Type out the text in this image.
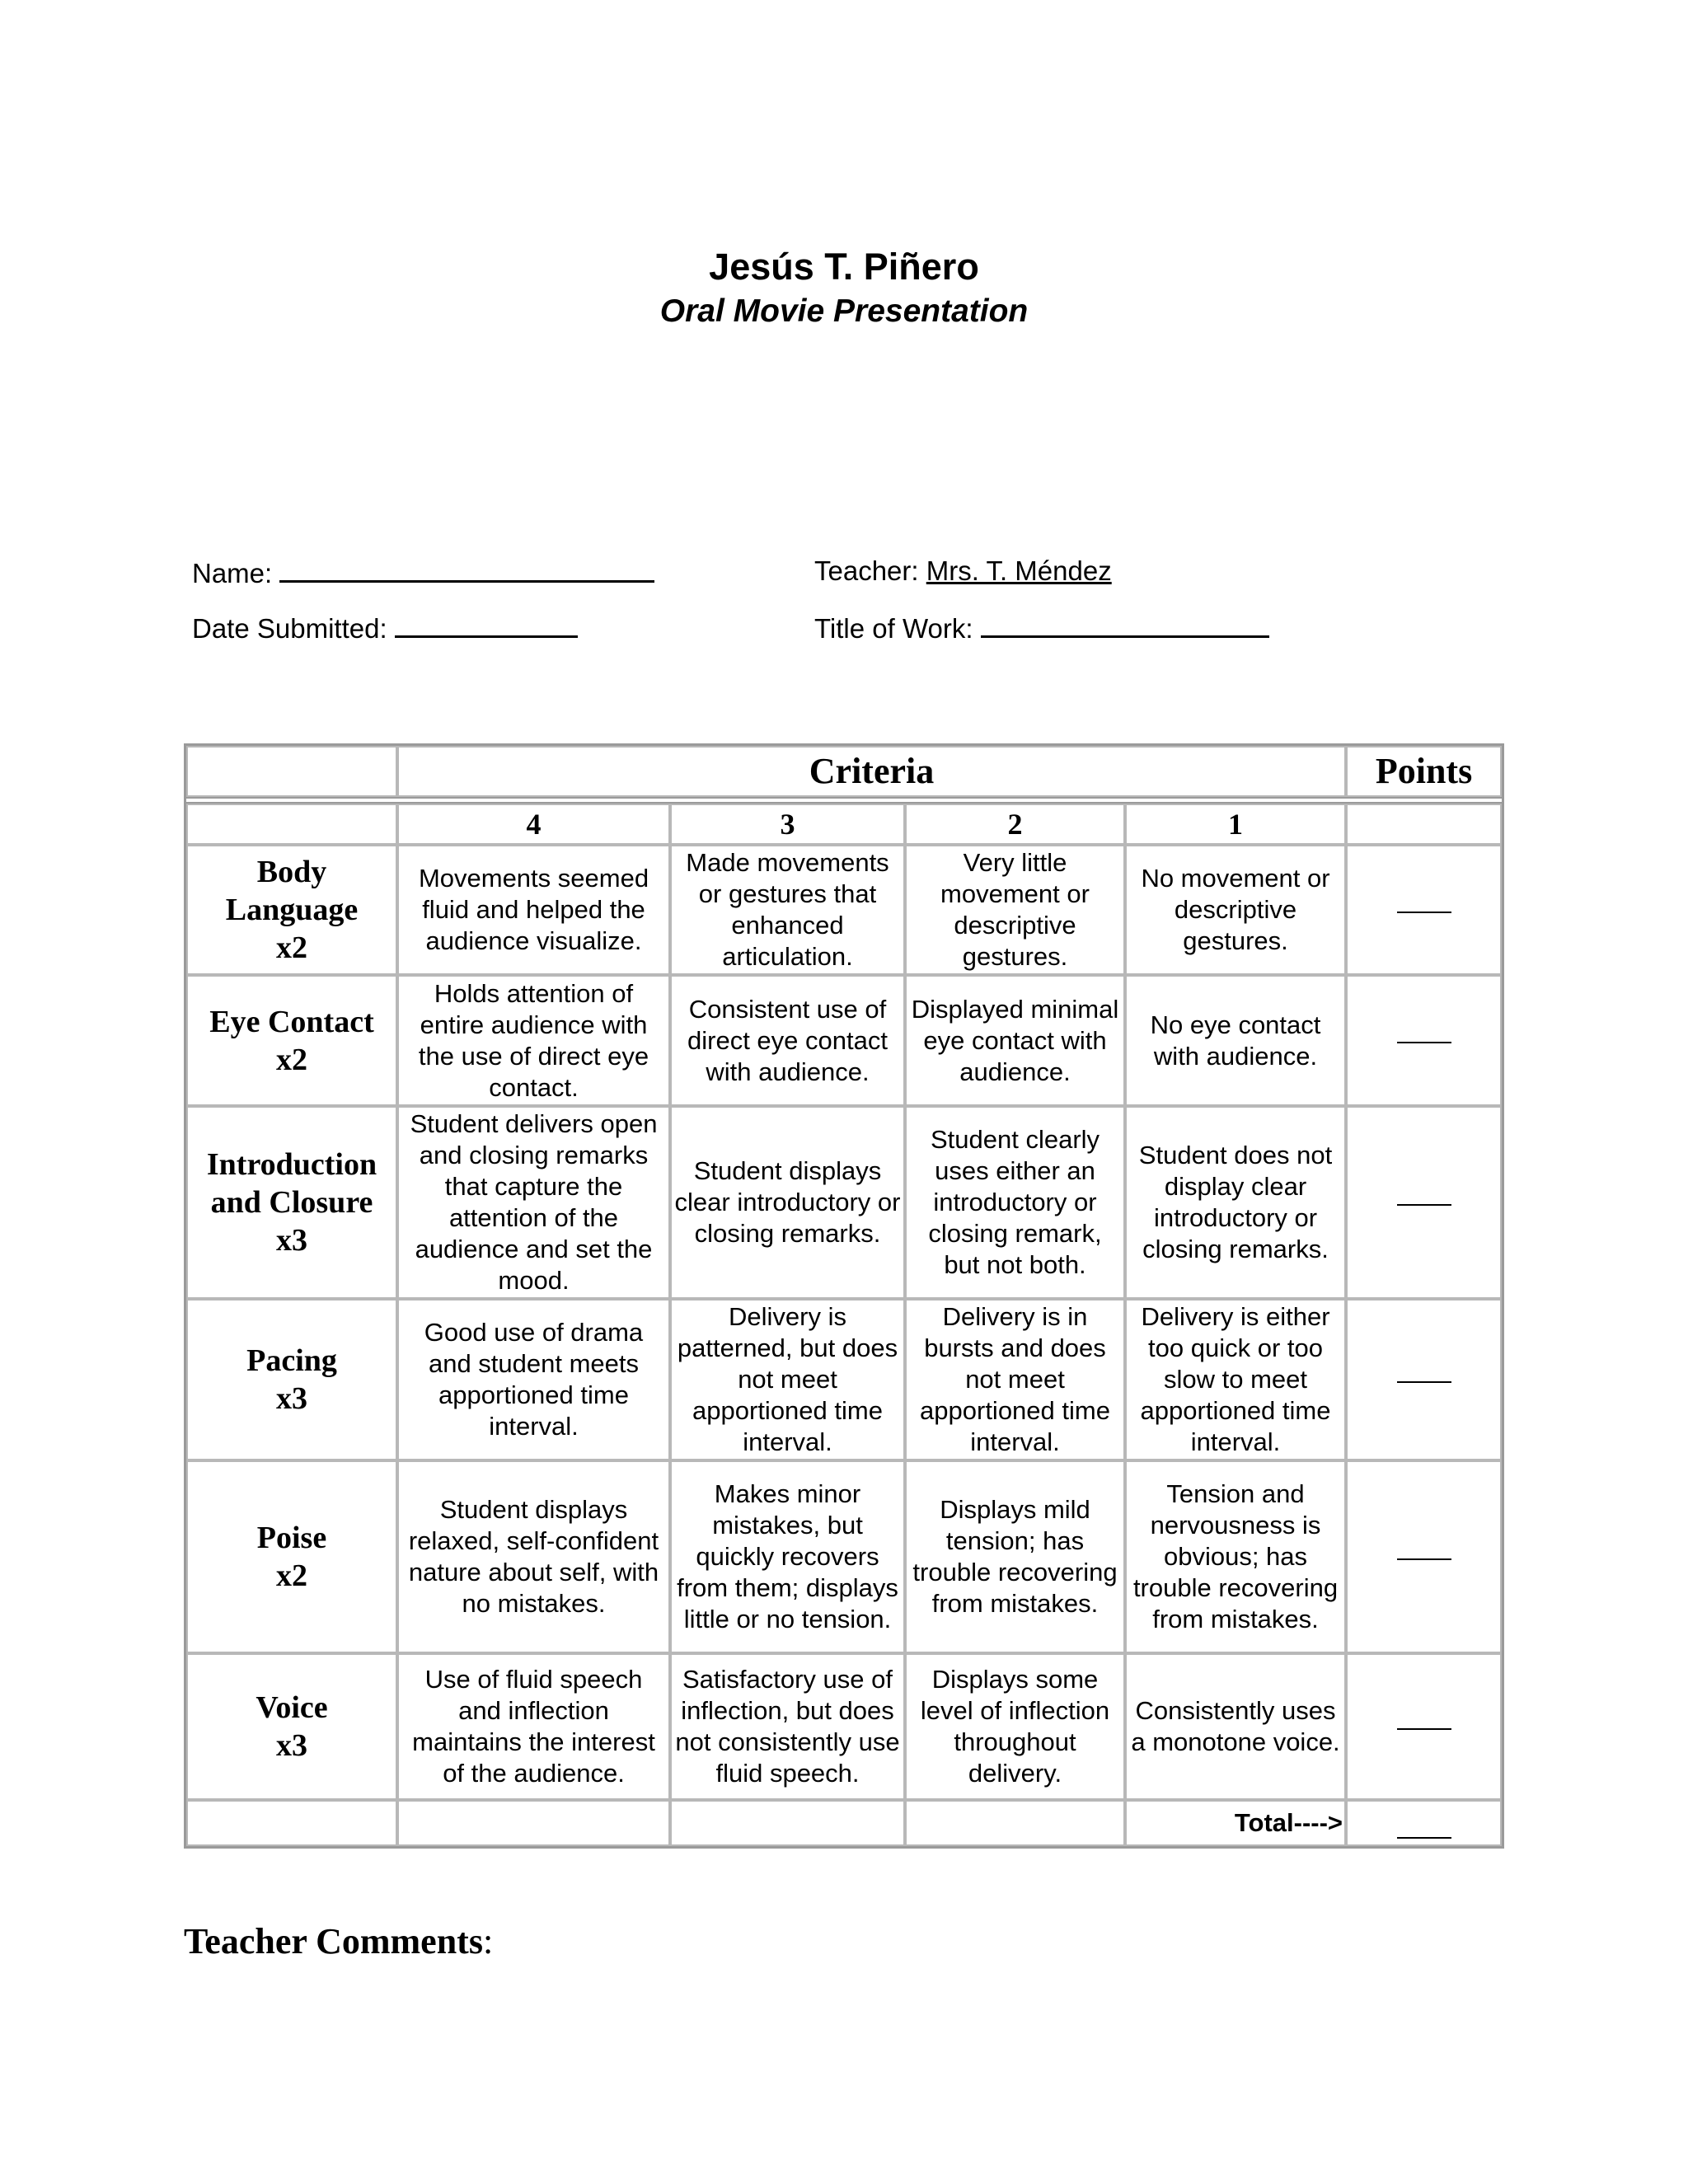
Jesús T. Piñero
Oral Movie Presentation
Name:	Teacher: Mrs. T. Méndez
Date Submitted:	Title of Work:
	Criteria				Points

	4	3	2	1	

Body
Language
x2	Movements seemed fluid and helped the audience visualize.	Made movements or gestures that enhanced articulation.	Very little movement or descriptive gestures.	No movement or descriptive gestures.	

Eye Contact
x2	Holds attention of entire audience with the use of direct eye contact.	Consistent use of direct eye contact with audience.	Displayed minimal eye contact with audience.	No eye contact with audience.	

Introduction
and Closure
x3	Student delivers open and closing remarks that capture the attention of the audience and set the mood.	Student displays clear introductory or closing remarks.	Student clearly uses either an introductory or closing remark, but not both.	Student does not display clear introductory or closing remarks.	

Pacing
x3	Good use of drama and student meets apportioned time interval.	Delivery is patterned, but does not meet apportioned time interval.	Delivery is in bursts and does not meet apportioned time interval.	Delivery is either too quick or too slow to meet apportioned time interval.	

Poise
x2	Student displays relaxed, self-confident nature about self, with no mistakes.	Makes minor mistakes, but quickly recovers from them; displays little or no tension.	Displays mild tension; has trouble recovering from mistakes.	Tension and nervousness is obvious; has trouble recovering from mistakes.	

Voice
x3	Use of fluid speech and inflection maintains the interest of the audience.	Satisfactory use of inflection, but does not consistently use fluid speech.	Displays some level of inflection throughout delivery.	Consistently uses a monotone voice.	
				Total---->	
Teacher Comments:
